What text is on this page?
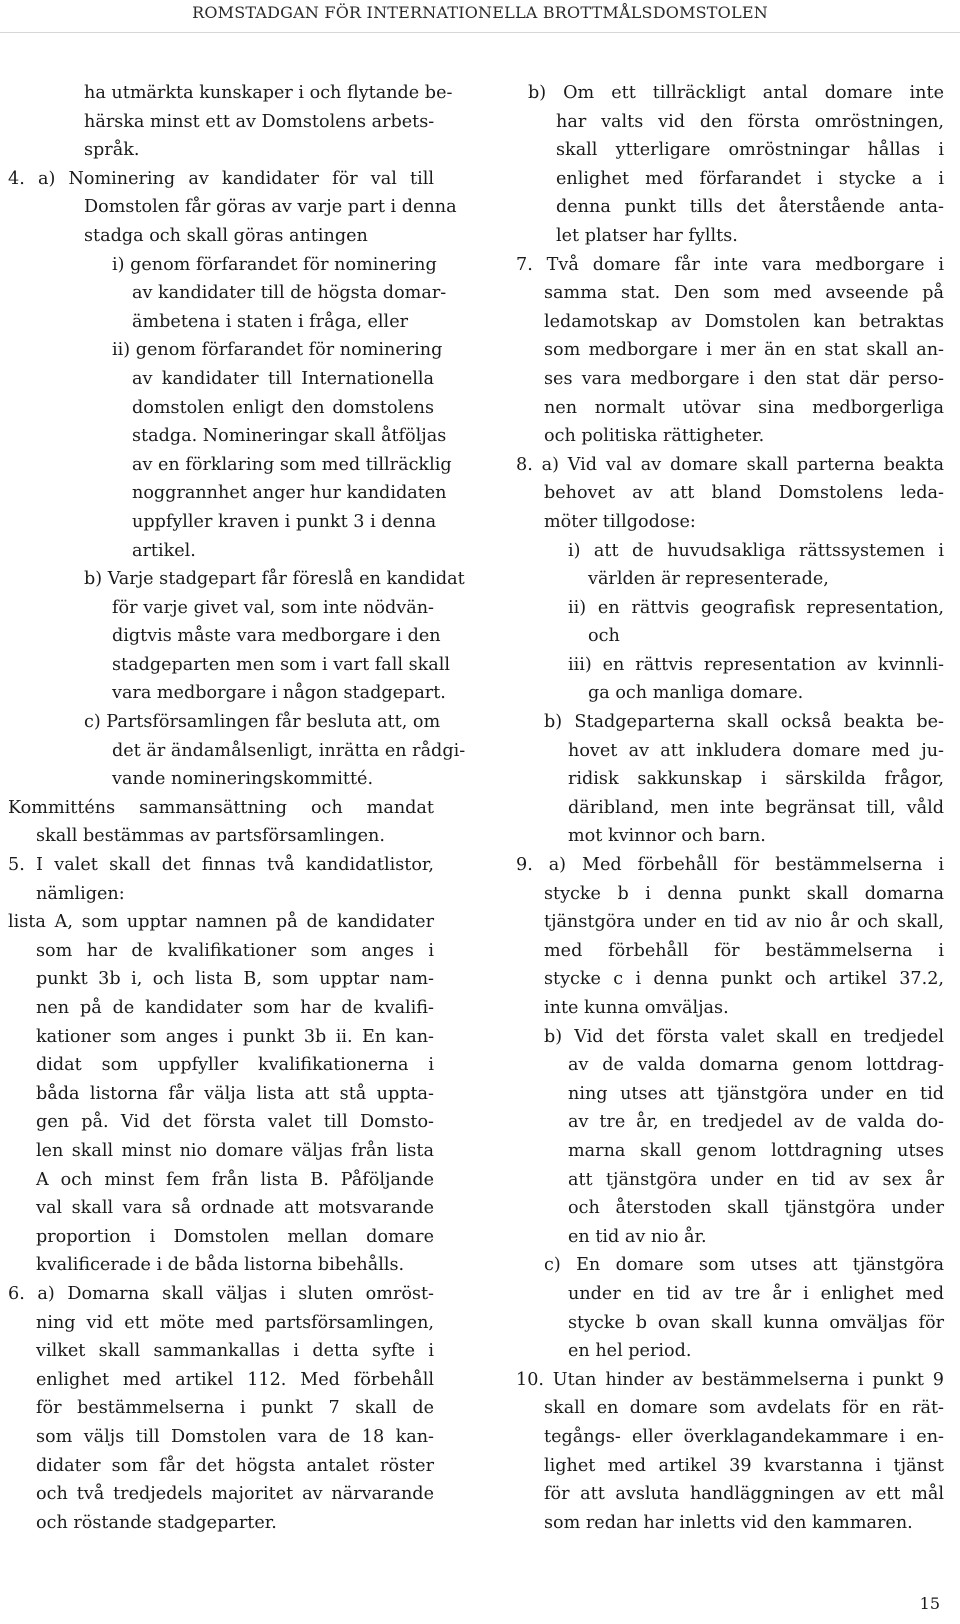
ROMSTADGAN FÖR INTERNATIONELLA BROTTMÅLSDOMSTOLEN
ha utmärkta kunskaper i och flytande be-
härska minst ett av Domstolens arbets-
språk.
4. a) Nominering av kandidater för val till
Domstolen får göras av varje part i denna
stadga och skall göras antingen
i) genom förfarandet för nominering
av kandidater till de högsta domar-
ämbetena i staten i fråga, eller
ii) genom förfarandet för nominering
av kandidater till Internationella
domstolen enligt den domstolens
stadga. Nomineringar skall åtföljas
av en förklaring som med tillräcklig
noggrannhet anger hur kandidaten
uppfyller kraven i punkt 3 i denna
artikel.
b) Varje stadgepart får föreslå en kandidat
för varje givet val, som inte nödvän-
digtvis måste vara medborgare i den
stadgeparten men som i vart fall skall
vara medborgare i någon stadgepart.
c) Partsförsamlingen får besluta att, om
det är ändamålsenligt, inrätta en rådgi-
vande nomineringskommitté.
Kommitténs sammansättning och mandat
skall bestämmas av partsförsamlingen.
5. I valet skall det finnas två kandidatlistor,
nämligen:
lista A, som upptar namnen på de kandidater
som har de kvalifikationer som anges i
punkt 3b i, och lista B, som upptar nam-
nen på de kandidater som har de kvalifi-
kationer som anges i punkt 3b ii. En kan-
didat som uppfyller kvalifikationerna i
båda listorna får välja lista att stå uppta-
gen på. Vid det första valet till Domsto-
len skall minst nio domare väljas från lista
A och minst fem från lista B. Påföljande
val skall vara så ordnade att motsvarande
proportion i Domstolen mellan domare
kvalificerade i de båda listorna bibehålls.
6. a) Domarna skall väljas i sluten omröst-
ning vid ett möte med partsförsamlingen,
vilket skall sammankallas i detta syfte i
enlighet med artikel 112. Med förbehåll
för bestämmelserna i punkt 7 skall de
som väljs till Domstolen vara de 18 kan-
didater som får det högsta antalet röster
och två tredjedels majoritet av närvarande
och röstande stadgeparter.
b) Om ett tillräckligt antal domare inte
har valts vid den första omröstningen,
skall ytterligare omröstningar hållas i
enlighet med förfarandet i stycke a i
denna punkt tills det återstående anta-
let platser har fyllts.
7. Två domare får inte vara medborgare i
samma stat. Den som med avseende på
ledamotskap av Domstolen kan betraktas
som medborgare i mer än en stat skall an-
ses vara medborgare i den stat där perso-
nen normalt utövar sina medborgerliga
och politiska rättigheter.
8. a) Vid val av domare skall parterna beakta
behovet av att bland Domstolens leda-
möter tillgodose:
i) att de huvudsakliga rättssystemen i
världen är representerade,
ii) en rättvis geografisk representation,
och
iii) en rättvis representation av kvinnli-
ga och manliga domare.
b) Stadgeparterna skall också beakta be-
hovet av att inkludera domare med ju-
ridisk sakkunskap i särskilda frågor,
däribland, men inte begränsat till, våld
mot kvinnor och barn.
9. a) Med förbehåll för bestämmelserna i
stycke b i denna punkt skall domarna
tjänstgöra under en tid av nio år och skall,
med förbehåll för bestämmelserna i
stycke c i denna punkt och artikel 37.2,
inte kunna omväljas.
b) Vid det första valet skall en tredjedel
av de valda domarna genom lottdrag-
ning utses att tjänstgöra under en tid
av tre år, en tredjedel av de valda do-
marna skall genom lottdragning utses
att tjänstgöra under en tid av sex år
och återstoden skall tjänstgöra under
en tid av nio år.
c) En domare som utses att tjänstgöra
under en tid av tre år i enlighet med
stycke b ovan skall kunna omväljas för
en hel period.
10. Utan hinder av bestämmelserna i punkt 9
skall en domare som avdelats för en rät-
tegångs- eller överklagandekammare i en-
lighet med artikel 39 kvarstanna i tjänst
för att avsluta handläggningen av ett mål
som redan har inletts vid den kammaren.
15
